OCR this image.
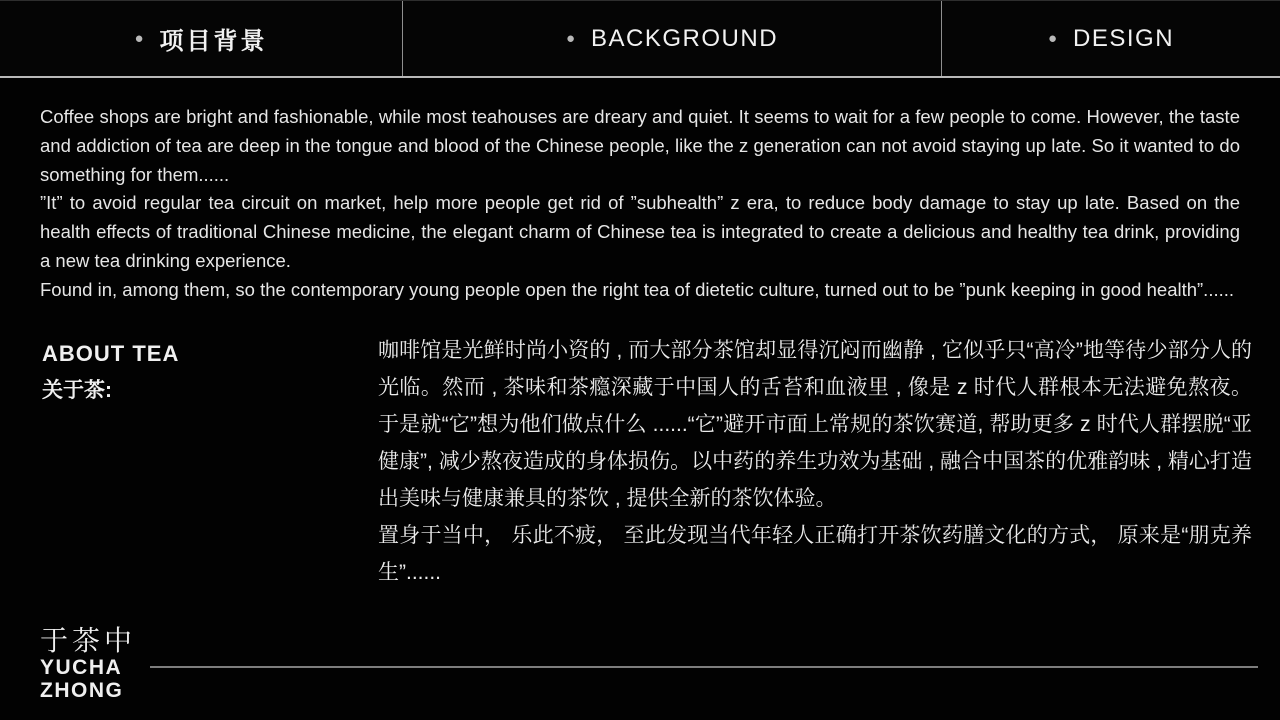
● 项目背景	● BACKGROUND	● DESIGN

Coffee shops are bright and fashionable, while most teahouses are dreary and quiet. It seems to wait for a few people to come. However, the taste and addiction of tea are deep in the tongue and blood of the Chinese people, like the z generation can not avoid staying up late. So it wanted to do something for them......

”It” to avoid regular tea circuit on market, help more people get rid of ”subhealth” z era, to reduce body damage to stay up late. Based on the health effects of traditional Chinese medicine, the elegant charm of Chinese tea is integrated to create a delicious and healthy tea drink, providing a new tea drinking experience.

Found in, among them, so the contemporary young people open the right tea of dietetic culture, turned out to be ”punk keeping in good health”......

ABOUT TEA
关于茶:

咖啡馆是光鲜时尚小资的 , 而大部分茶馆却显得沉闷而幽静 , 它似乎只“高冷”地等待少部分人的光临。然而 , 茶味和茶瘾深藏于中国人的舌苔和血液里 , 像是 z 时代人群根本无法避免熬夜。于是就“它”想为他们做点什么 ......“它”避开市面上常规的茶饮赛道, 帮助更多 z 时代人群摆脱“亚健康”, 减少熬夜造成的身体损伤。以中药的养生功效为基础 , 融合中国茶的优雅韵味 , 精心打造出美味与健康兼具的茶饮 , 提供全新的茶饮体验。

置身于当中， 乐此不疲， 至此发现当代年轻人正确打开茶饮药膳文化的方式， 原来是“朋克养生”......

于茶中
YUCHA
ZHONG
